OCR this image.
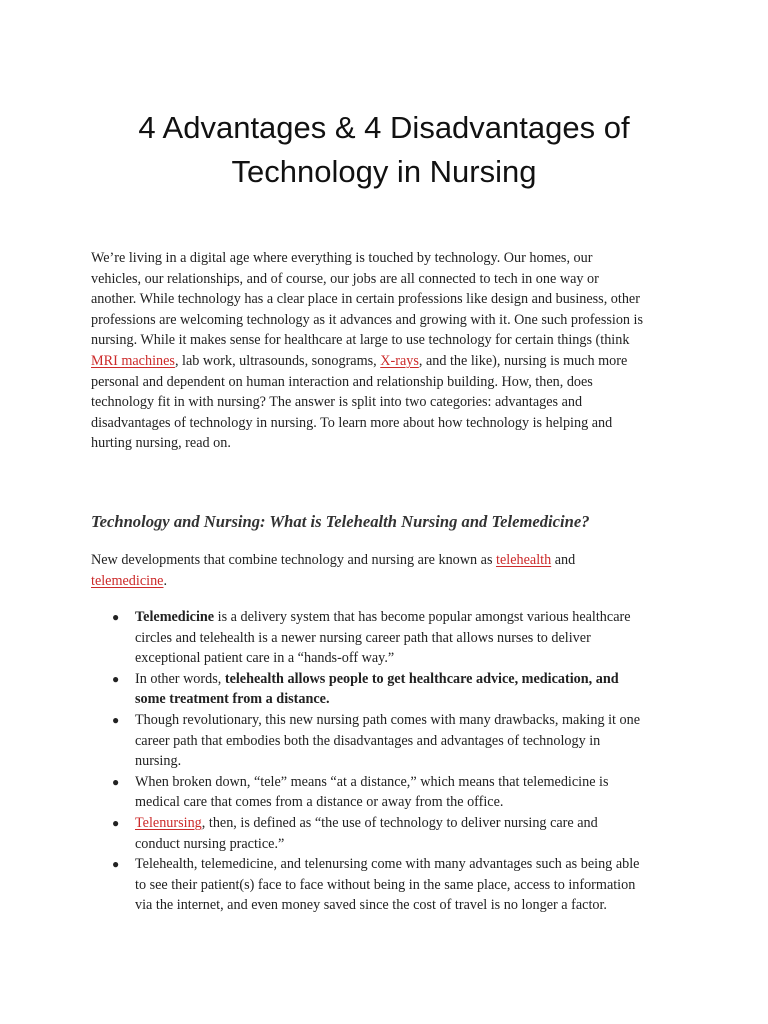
4 Advantages & 4 Disadvantages of
Technology in Nursing

We’re living in a digital age where everything is touched by technology. Our homes, our
vehicles, our relationships, and of course, our jobs are all connected to tech in one way or
another. While technology has a clear place in certain professions like design and business, other
professions are welcoming technology as it advances and growing with it. One such profession is
nursing. While it makes sense for healthcare at large to use technology for certain things (think
MRI machines, lab work, ultrasounds, sonograms, X-rays, and the like), nursing is much more
personal and dependent on human interaction and relationship building. How, then, does
technology fit in with nursing? The answer is split into two categories: advantages and
disadvantages of technology in nursing. To learn more about how technology is helping and
hurting nursing, read on.

Technology and Nursing: What is Telehealth Nursing and Telemedicine?

New developments that combine technology and nursing are known as telehealth and
telemedicine.

● Telemedicine is a delivery system that has become popular amongst various healthcare
circles and telehealth is a newer nursing career path that allows nurses to deliver
exceptional patient care in a “hands-off way.”
● In other words, telehealth allows people to get healthcare advice, medication, and
some treatment from a distance.
● Though revolutionary, this new nursing path comes with many drawbacks, making it one
career path that embodies both the disadvantages and advantages of technology in
nursing.
● When broken down, “tele” means “at a distance,” which means that telemedicine is
medical care that comes from a distance or away from the office.
● Telenursing, then, is defined as “the use of technology to deliver nursing care and
conduct nursing practice.”
● Telehealth, telemedicine, and telenursing come with many advantages such as being able
to see their patient(s) face to face without being in the same place, access to information
via the internet, and even money saved since the cost of travel is no longer a factor.
